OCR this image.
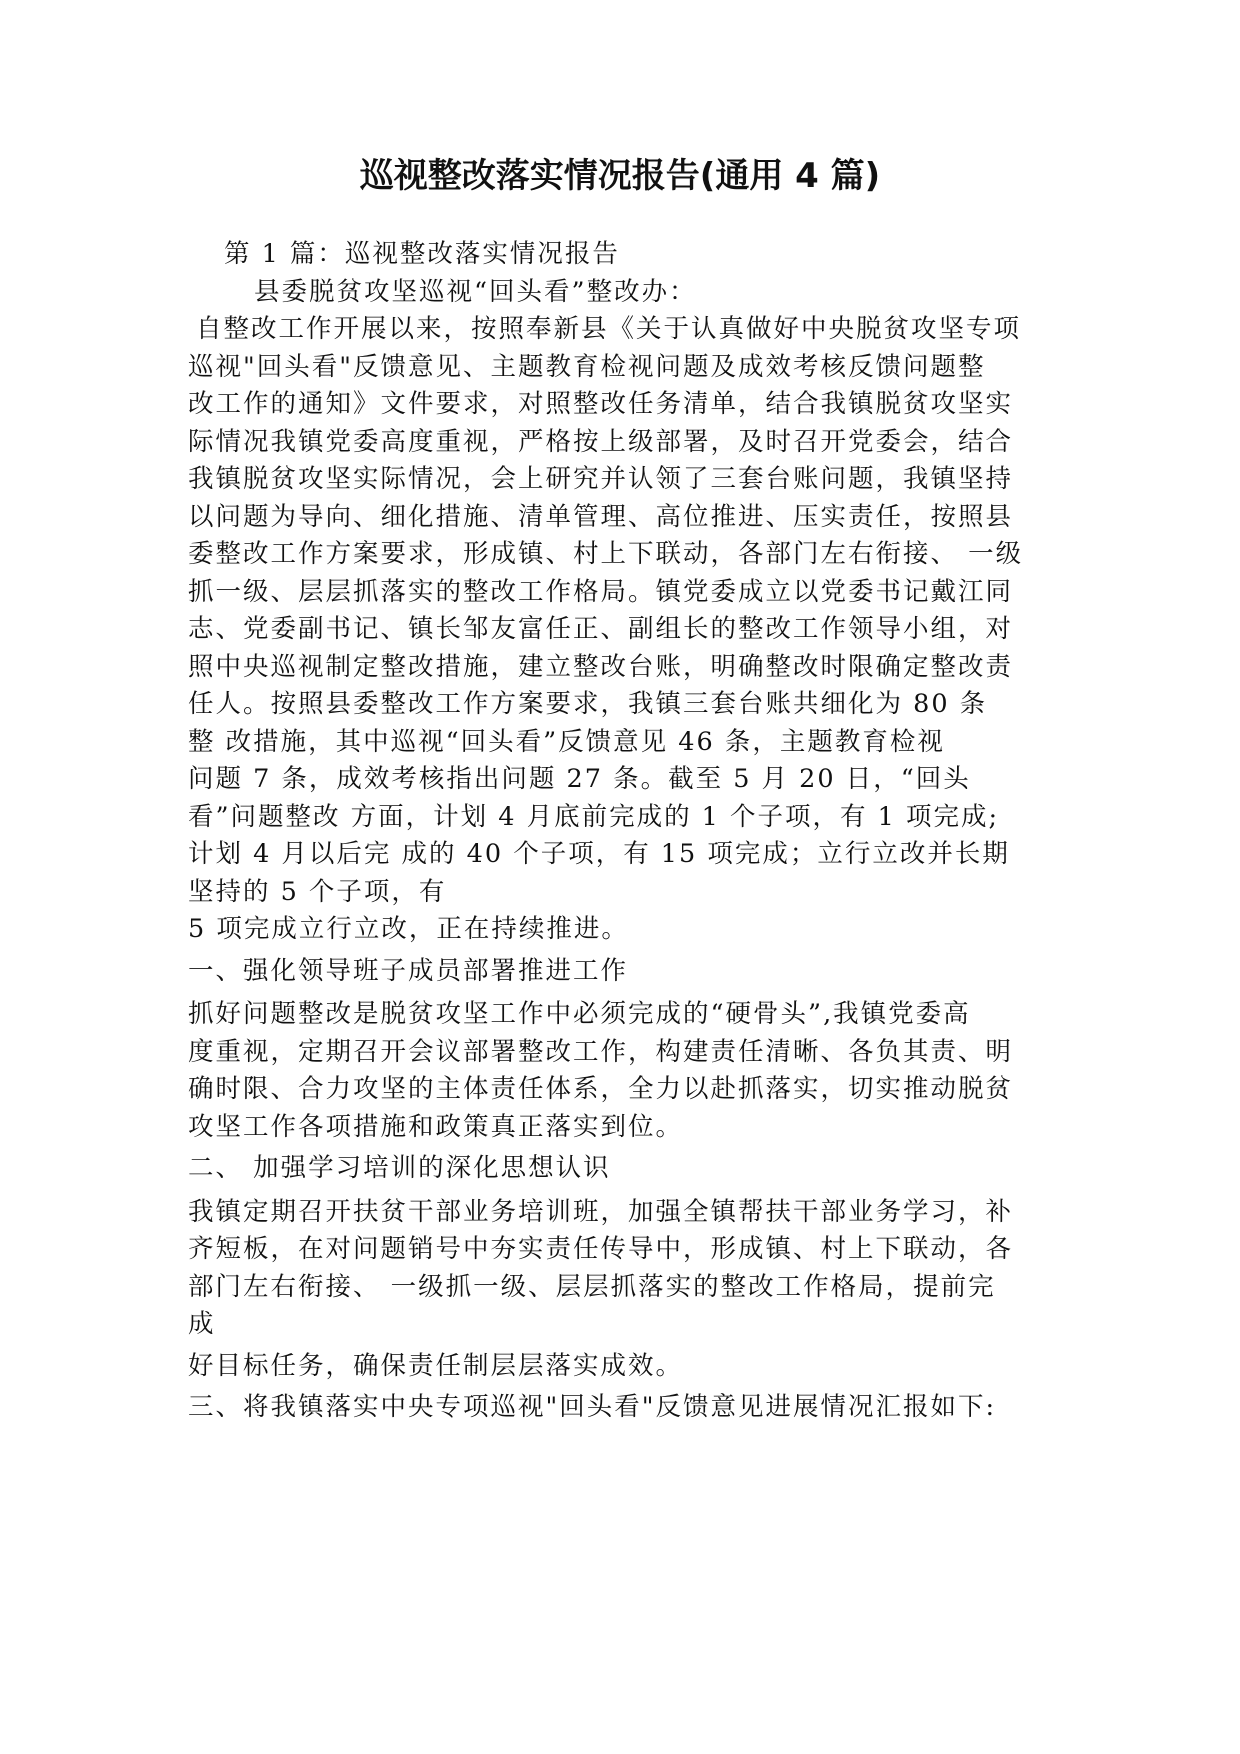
巡视整改落实情况报告(通用 4 篇)
第 1 篇：巡视整改落实情况报告
县委脱贫攻坚巡视“回头看”整改办：
自整改工作开展以来，按照奉新县《关于认真做好中央脱贫攻坚专项
巡视"回头看"反馈意见、主题教育检视问题及成效考核反馈问题整
改工作的通知》文件要求，对照整改任务清单，结合我镇脱贫攻坚实
际情况我镇党委高度重视，严格按上级部署，及时召开党委会，结合
我镇脱贫攻坚实际情况，会上研究并认领了三套台账问题，我镇坚持
以问题为导向、细化措施、清单管理、高位推进、压实责任，按照县
委整改工作方案要求，形成镇、村上下联动，各部门左右衔接、 一级
抓一级、层层抓落实的整改工作格局。镇党委成立以党委书记戴江同
志、党委副书记、镇长邹友富任正、副组长的整改工作领导小组，对
照中央巡视制定整改措施，建立整改台账，明确整改时限确定整改责
任人。按照县委整改工作方案要求，我镇三套台账共细化为 80 条
整 改措施，其中巡视“回头看”反馈意见 46 条，主题教育检视
问题 7 条，成效考核指出问题 27 条。截至 5 月 20 日，“回头
看”问题整改 方面，计划 4 月底前完成的 1 个子项，有 1 项完成;
计划 4 月以后完 成的 40 个子项，有 15 项完成；立行立改并长期
坚持的 5 个子项，有
5 项完成立行立改，正在持续推进。
一、强化领导班子成员部署推进工作
抓好问题整改是脱贫攻坚工作中必须完成的“硬骨头”,我镇党委高
度重视，定期召开会议部署整改工作，构建责任清晰、各负其责、明
确时限、合力攻坚的主体责任体系，全力以赴抓落实，切实推动脱贫
攻坚工作各项措施和政策真正落实到位。
二、 加强学习培训的深化思想认识
我镇定期召开扶贫干部业务培训班，加强全镇帮扶干部业务学习，补
齐短板，在对问题销号中夯实责任传导中，形成镇、村上下联动，各
部门左右衔接、 一级抓一级、层层抓落实的整改工作格局，提前完
成
好目标任务，确保责任制层层落实成效。
三、将我镇落实中央专项巡视"回头看"反馈意见进展情况汇报如下:
